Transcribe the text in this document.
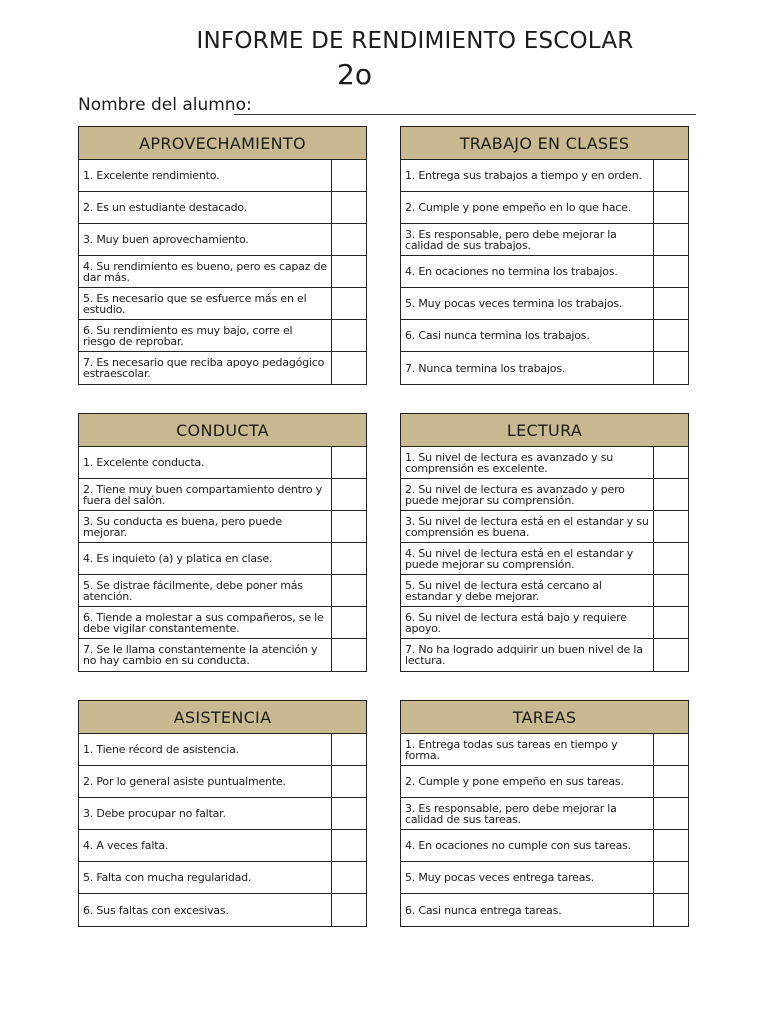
INFORME DE RENDIMIENTO ESCOLAR
2o
Nombre del alumno:
APROVECHAMIENTO
1. Excelente rendimiento.
2. Es un estudiante destacado.
3. Muy buen aprovechamiento.
4. Su rendimiento es bueno, pero es capaz de dar más.
5. Es necesario que se esfuerce más en el estudio.
6. Su rendimiento es muy bajo, corre el riesgo de reprobar.
7. Es necesario que reciba apoyo pedagógico estraescolar.
TRABAJO EN CLASES
1. Entrega sus trabajos a tiempo y en orden.
2. Cumple y pone empeño en lo que hace.
3. Es responsable, pero debe mejorar la calidad de sus trabajos.
4. En ocaciones no termina los trabajos.
5. Muy pocas veces termina los trabajos.
6. Casi nunca termina los trabajos.
7. Nunca termina los trabajos.
CONDUCTA
1. Excelente conducta.
2. Tiene muy buen compartamiento dentro y fuera del salón.
3. Su conducta es buena, pero puede mejorar.
4. Es inquieto (a) y platica en clase.
5. Se distrae fácilmente, debe poner más atención.
6. Tiende a molestar a sus compañeros, se le debe vigilar constantemente.
7. Se le llama constantemente la atención y no hay cambio en su conducta.
LECTURA
1. Su nivel de lectura es avanzado y su comprensión es excelente.
2. Su nivel de lectura es avanzado y pero puede mejorar su comprensión.
3. Su nivel de lectura está en el estandar y su comprensión es buena.
4. Su nivel de lectura está en el estandar y puede mejorar su comprensión.
5. Su nivel de lectura está cercano al estandar y debe mejorar.
6. Su nivel de lectura está bajo y requiere apoyo.
7. No ha logrado adquirir un buen nivel de la lectura.
ASISTENCIA
1. Tiene récord de asistencia.
2. Por lo general asiste puntualmente.
3. Debe procupar no faltar.
4. A veces falta.
5. Falta con mucha regularidad.
6. Sus faltas con excesivas.
TAREAS
1. Entrega todas sus tareas en tiempo y forma.
2. Cumple y pone empeño en sus tareas.
3. Es responsable, pero debe mejorar la calidad de sus tareas.
4. En ocaciones no cumple con sus tareas.
5. Muy pocas veces entrega tareas.
6. Casi nunca entrega tareas.
